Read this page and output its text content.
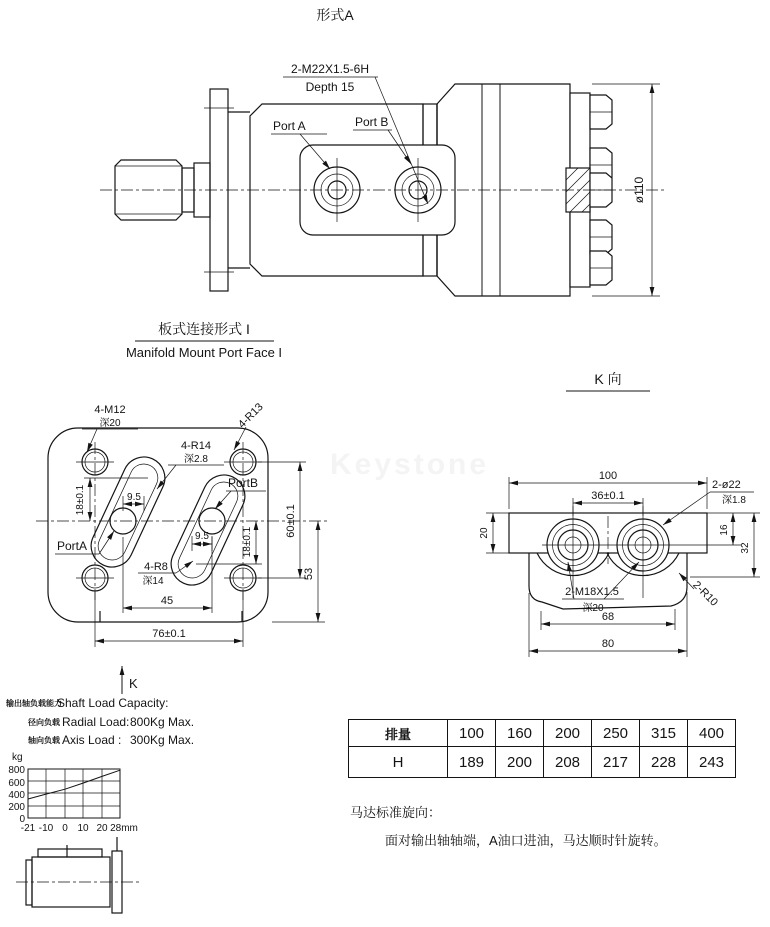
Keystone
形式A
2-M22X1.5-6H
Depth 15
Port A	Port B
ø110
板式连接形式 I
Manifold Mount Port Face I
4-M12
深20
4-R14
深2.8
4-R13
PortB
PortA
4-R8
深14
9.5
9.5
18±0.1
18±0.1
60±0.1
53
45
76±0.1
K
K 向
100
36±0.1
2-ø22
深1.8
20	16
32
2-M18X1.5
深20	2-R10
68
80
输出轴负载能力
Shaft Load Capacity:
径向负载 Radial Load: 800Kg Max.
轴向负载 Axis Load : 300Kg Max.
kg
800
600
400
200
0
-21 -10 0 10 20 28mm
马达标准旋向：
面对输出轴轴端，A油口进油，马达顺时针旋转。
排量	100	160	200	250	315	400
H	189	200	208	217	228	243
